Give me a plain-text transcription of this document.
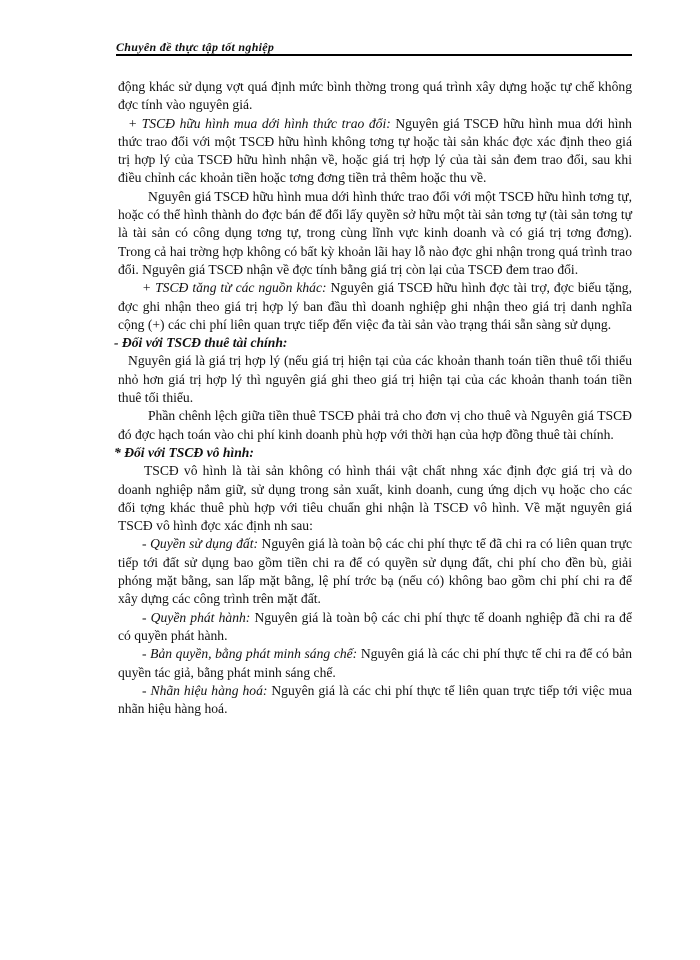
Chuyên đề thực tập tốt nghiệp

động khác sử dụng vợt quá định mức bình thờng trong quá trình xây dựng hoặc tự chế không đợc tính vào nguyên giá.

+ TSCĐ hữu hình mua dới hình thức trao đổi: Nguyên giá TSCĐ hữu hình mua dới hình thức trao đổi với một TSCĐ hữu hình không tơng tự hoặc tài sản khác đợc xác định theo giá trị hợp lý của TSCĐ hữu hình nhận về, hoặc giá trị hợp lý của tài sản đem trao đổi, sau khi điều chỉnh các khoản tiền hoặc tơng đơng tiền trả thêm hoặc thu về.

Nguyên giá TSCĐ hữu hình mua dới hình thức trao đổi với một TSCĐ hữu hình tơng tự, hoặc có thể hình thành do đợc bán để đổi lấy quyền sở hữu một tài sản tơng tự (tài sản tơng tự là tài sản có công dụng tơng tự, trong cùng lĩnh vực kinh doanh và có giá trị tơng đơng). Trong cả hai trờng hợp không có bất kỳ khoản lãi hay lỗ nào đợc ghi nhận trong quá trình trao đổi. Nguyên giá TSCĐ nhận về đợc tính bằng giá trị còn lại của TSCĐ đem trao đổi.

+ TSCĐ tăng từ các nguồn khác: Nguyên giá TSCĐ hữu hình đợc tài trợ, đợc biếu tặng, đợc ghi nhận theo giá trị hợp lý ban đầu thì doanh nghiệp ghi nhận theo giá trị danh nghĩa cộng (+) các chi phí liên quan trực tiếp đến việc đa tài sản vào trạng thái sẵn sàng sử dụng.

- Đối với TSCĐ thuê tài chính:

Nguyên giá là giá trị hợp lý (nếu giá trị hiện tại của các khoản thanh toán tiền thuê tối thiểu nhỏ hơn giá trị hợp lý thì nguyên giá ghi theo giá trị hiện tại của các khoản thanh toán tiền thuê tối thiểu.

Phần chênh lệch giữa tiền thuê TSCĐ phải trả cho đơn vị cho thuê và Nguyên giá TSCĐ đó đợc hạch toán vào chi phí kinh doanh phù hợp với thời hạn của hợp đồng thuê tài chính.

* Đối với TSCĐ vô hình:

TSCĐ vô hình là tài sản không có hình thái vật chất nhng xác định đợc giá trị và do doanh nghiệp nắm giữ, sử dụng trong sản xuất, kinh doanh, cung ứng dịch vụ hoặc cho các đối tợng khác thuê phù hợp với tiêu chuẩn ghi nhận là TSCĐ vô hình. Về mặt nguyên giá TSCĐ vô hình đợc xác định nh sau:

- Quyền sử dụng đất: Nguyên giá là toàn bộ các chi phí thực tế đã chi ra có liên quan trực tiếp tới đất sử dụng bao gồm tiền chi ra để có quyền sử dụng đất, chi phí cho đền bù, giải phóng mặt bằng, san lấp mặt bằng, lệ phí trớc bạ (nếu có) không bao gồm chi phí chi ra để xây dựng các công trình trên mặt đất.

- Quyền phát hành: Nguyên giá là toàn bộ các chi phí thực tế doanh nghiệp đã chi ra để có quyền phát hành.

- Bản quyền, bằng phát minh sáng chế: Nguyên giá là các chi phí thực tế chi ra để có bản quyền tác giả, bằng phát minh sáng chế.

- Nhãn hiệu hàng hoá: Nguyên giá là các chi phí thực tế liên quan trực tiếp tới việc mua nhãn hiệu hàng hoá.
